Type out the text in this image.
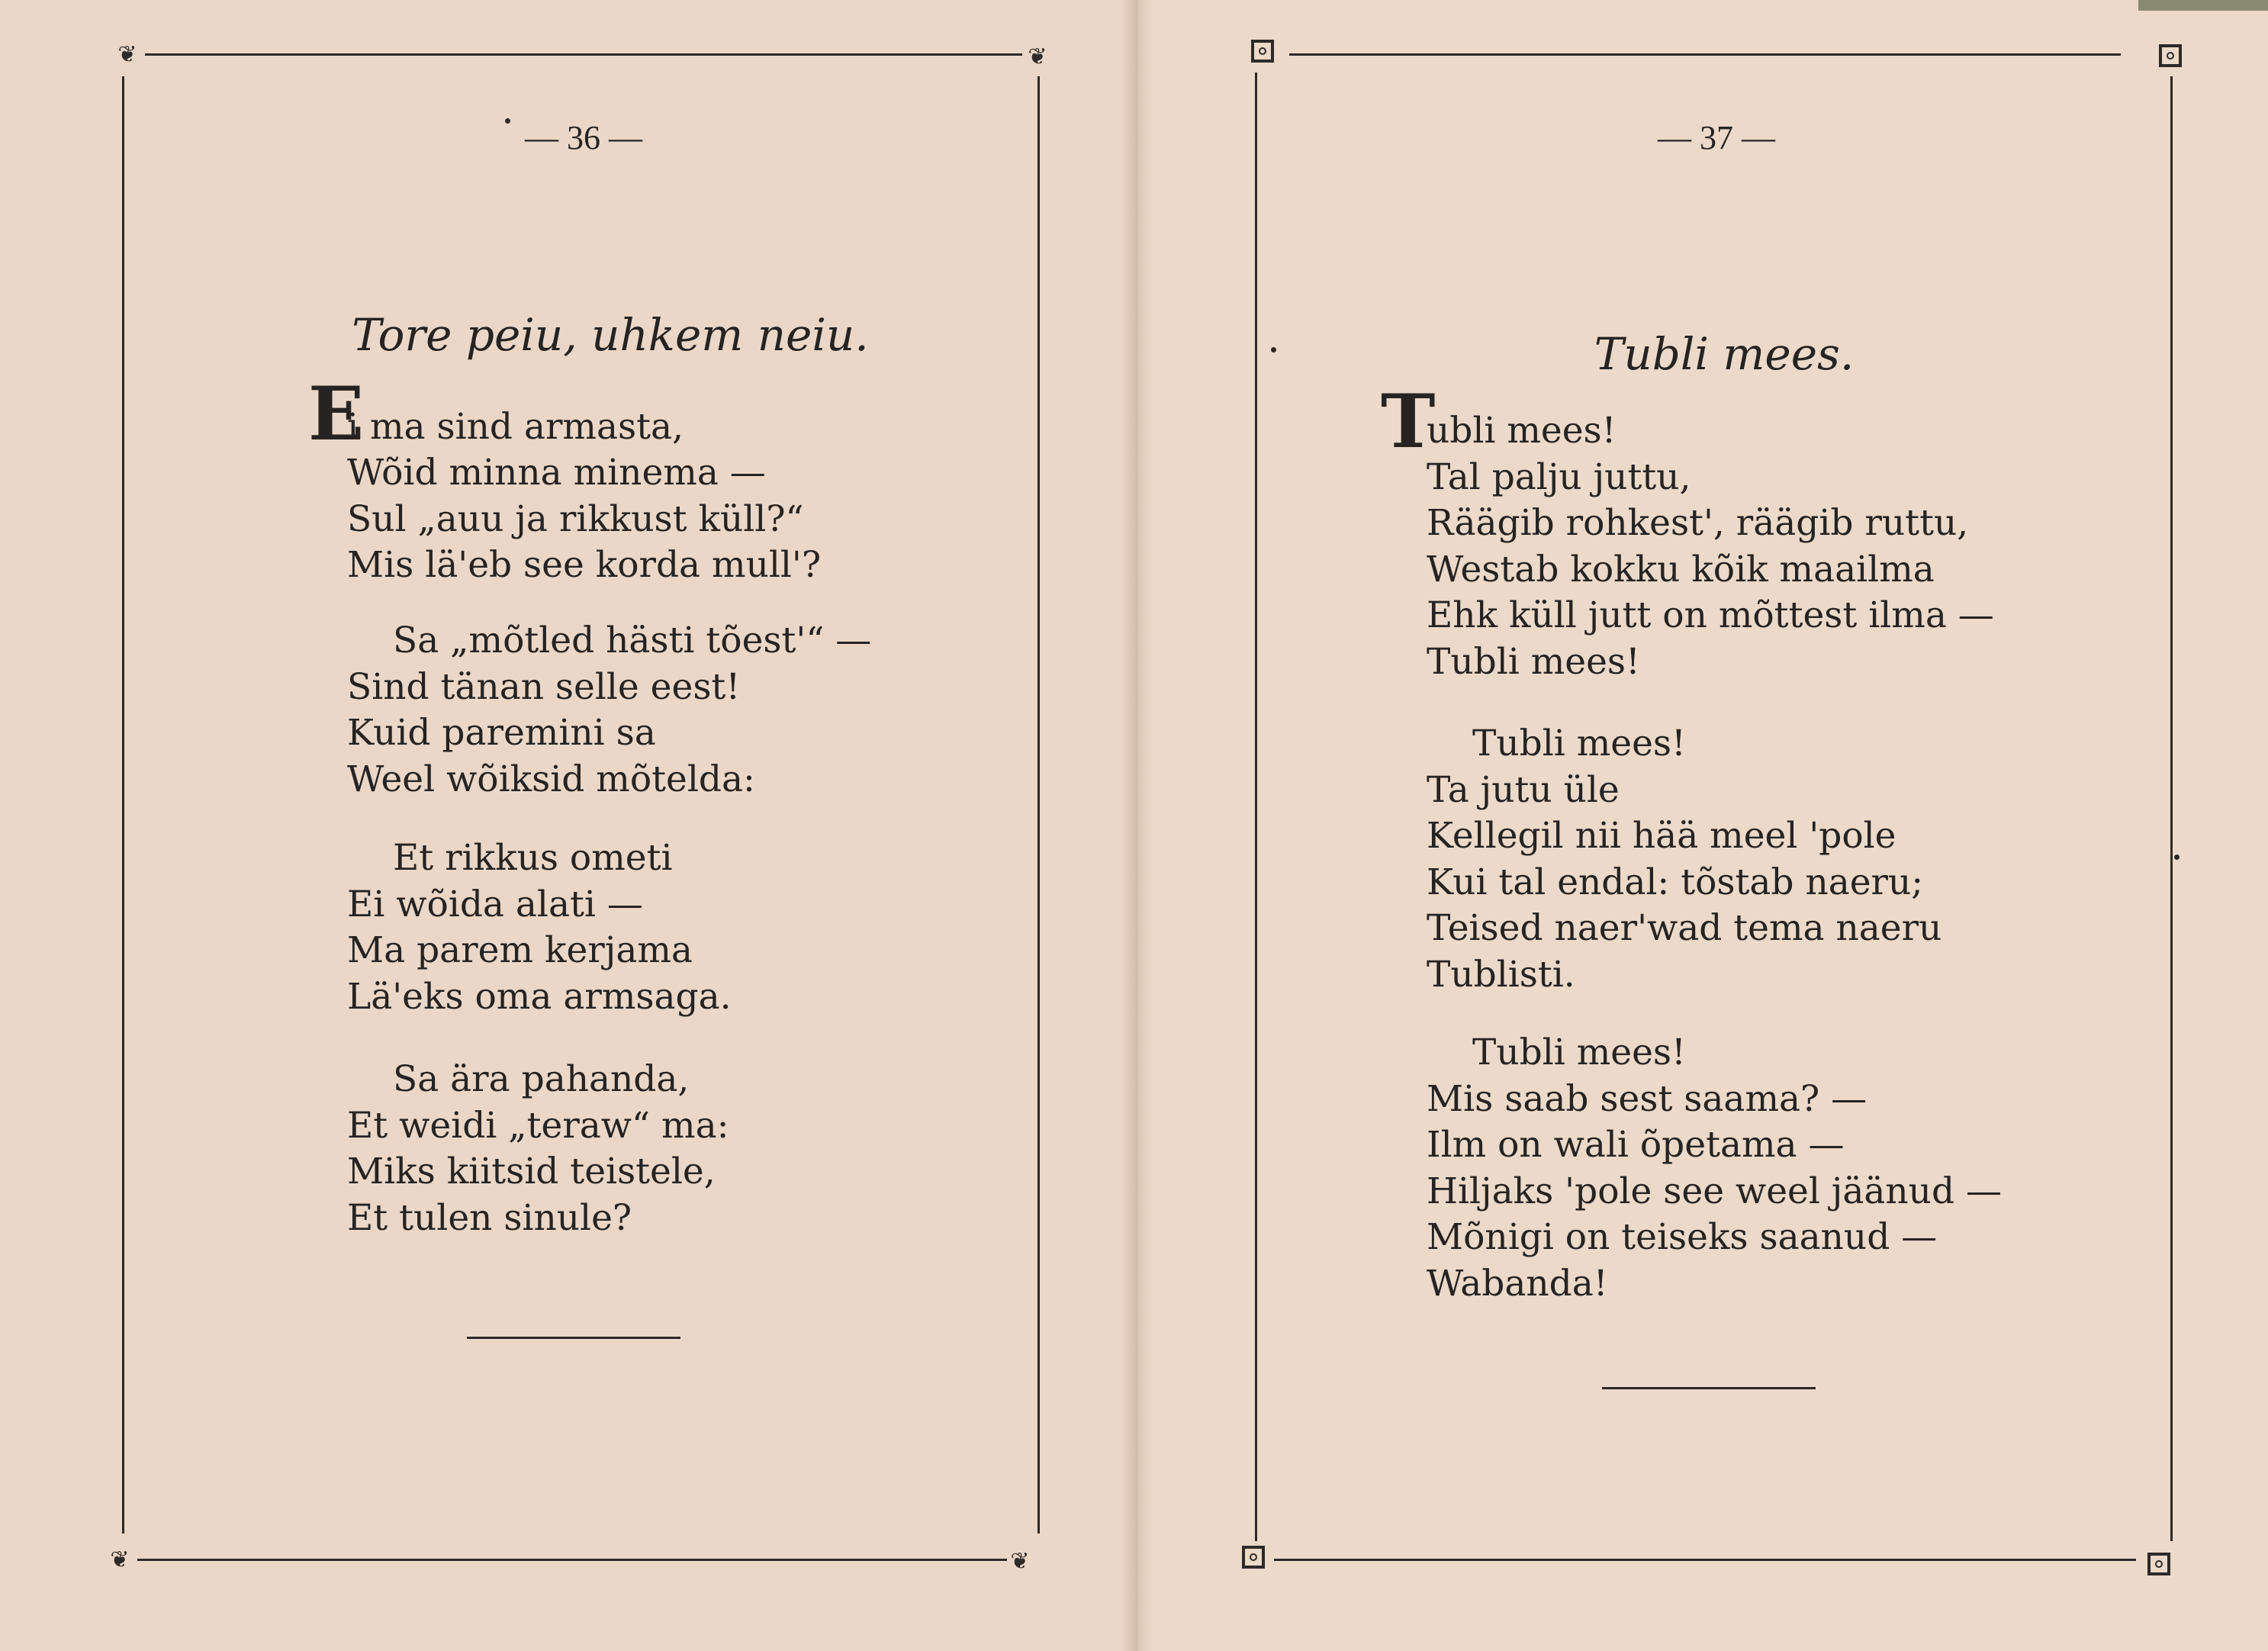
❦	❦
❦	❦
— 36 —
Tore peiu, uhkem neiu.
E
i ma sind armasta,
Wõid minna minema —
Sul „auu ja rikkust küll?“
Mis lä'eb see korda mull'?
Sa „mõtled hästi tõest'“ —
Sind tänan selle eest!
Kuid paremini sa
Weel wõiksid mõtelda:
Et rikkus ometi
Ei wõida alati —
Ma parem kerjama
Lä'eks oma armsaga.
Sa ära pahanda,
Et weidi „teraw“ ma:
Miks kiitsid teistele,
Et tulen sinule?
— 37 —
Tubli mees.
T
ubli mees!
Tal palju juttu,
Räägib rohkest', räägib ruttu,
Westab kokku kõik maailma
Ehk küll jutt on mõttest ilma —
Tubli mees!
Tubli mees!
Ta jutu üle
Kellegil nii hää meel 'pole
Kui tal endal: tõstab naeru;
Teised naer'wad tema naeru
Tublisti.
Tubli mees!
Mis saab sest saama? —
Ilm on wali õpetama —
Hiljaks 'pole see weel jäänud —
Mõnigi on teiseks saanud —
Wabanda!
